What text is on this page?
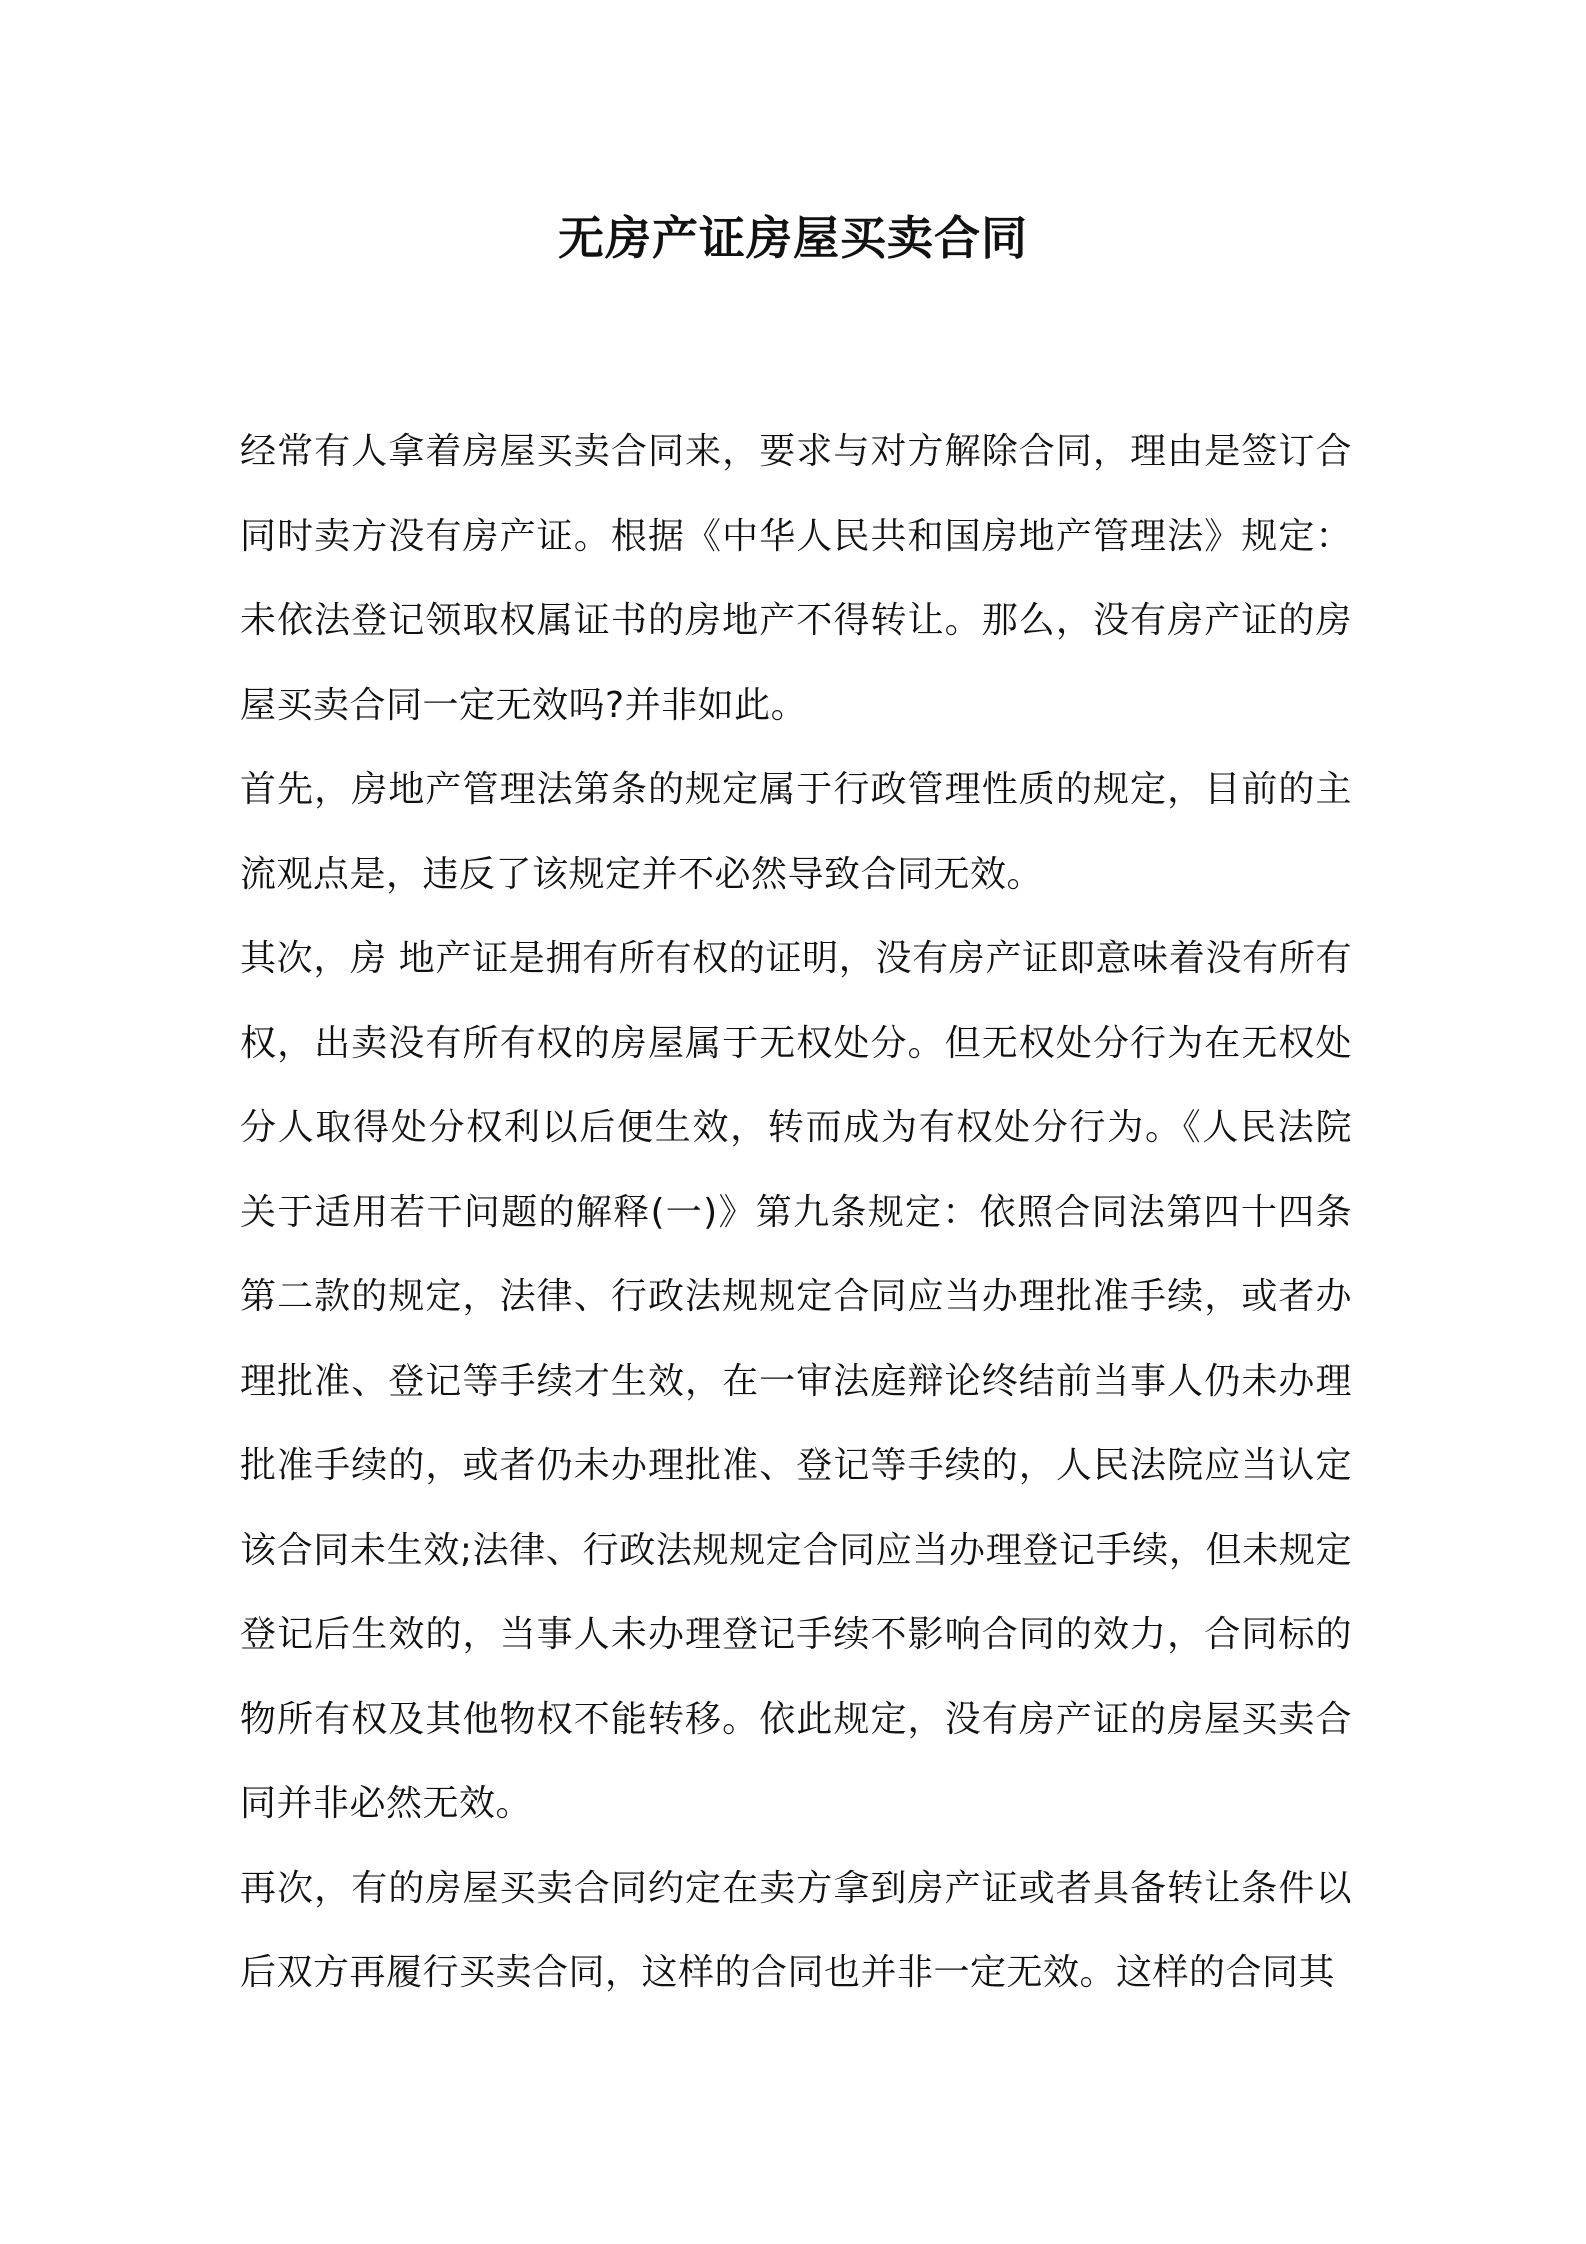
无房产证房屋买卖合同

经常有人拿着房屋买卖合同来，要求与对方解除合同，理由是签订合同时卖方没有房产证。根据《中华人民共和国房地产管理法》规定：未依法登记领取权属证书的房地产不得转让。那么，没有房产证的房屋买卖合同一定无效吗?并非如此。

首先，房地产管理法第条的规定属于行政管理性质的规定，目前的主流观点是，违反了该规定并不必然导致合同无效。

其次，房 地产证是拥有所有权的证明，没有房产证即意味着没有所有权，出卖没有所有权的房屋属于无权处分。但无权处分行为在无权处分人取得处分权利以后便生效，转而成为有权处分行为。《人民法院关于适用若干问题的解释(一)》第九条规定：依照合同法第四十四条第二款的规定，法律、行政法规规定合同应当办理批准手续，或者办理批准、登记等手续才生效，在一审法庭辩论终结前当事人仍未办理批准手续的，或者仍未办理批准、登记等手续的，人民法院应当认定该合同未生效;法律、行政法规规定合同应当办理登记手续，但未规定登记后生效的，当事人未办理登记手续不影响合同的效力，合同标的物所有权及其他物权不能转移。依此规定，没有房产证的房屋买卖合同并非必然无效。

再次，有的房屋买卖合同约定在卖方拿到房产证或者具备转让条件以后双方再履行买卖合同，这样的合同也并非一定无效。这样的合同其
